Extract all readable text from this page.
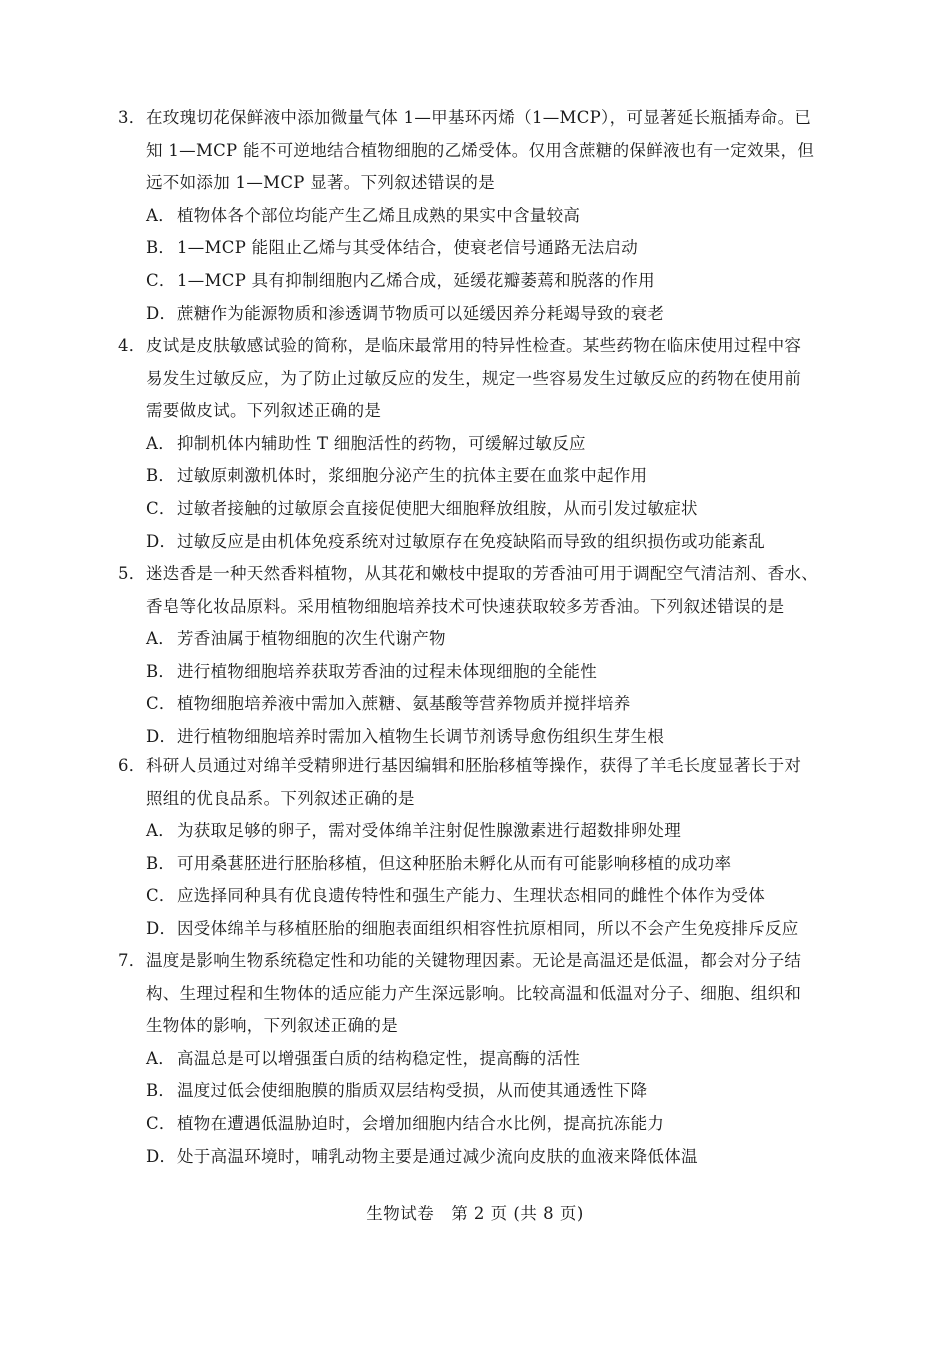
3． 在玫瑰切花保鲜液中添加微量气体 1—甲基环丙烯（1—MCP），可显著延长瓶插寿命。已
知 1—MCP 能不可逆地结合植物细胞的乙烯受体。仅用含蔗糖的保鲜液也有一定效果，但
远不如添加 1—MCP 显著。下列叙述错误的是
A． 植物体各个部位均能产生乙烯且成熟的果实中含量较高
B． 1—MCP 能阻止乙烯与其受体结合，使衰老信号通路无法启动
C． 1—MCP 具有抑制细胞内乙烯合成，延缓花瓣萎蔫和脱落的作用
D． 蔗糖作为能源物质和渗透调节物质可以延缓因养分耗竭导致的衰老
4． 皮试是皮肤敏感试验的简称，是临床最常用的特异性检查。某些药物在临床使用过程中容
易发生过敏反应，为了防止过敏反应的发生，规定一些容易发生过敏反应的药物在使用前
需要做皮试。下列叙述正确的是
A． 抑制机体内辅助性 T 细胞活性的药物，可缓解过敏反应
B． 过敏原刺激机体时，浆细胞分泌产生的抗体主要在血浆中起作用
C． 过敏者接触的过敏原会直接促使肥大细胞释放组胺，从而引发过敏症状
D． 过敏反应是由机体免疫系统对过敏原存在免疫缺陷而导致的组织损伤或功能紊乱
5． 迷迭香是一种天然香料植物，从其花和嫩枝中提取的芳香油可用于调配空气清洁剂、香水、
香皂等化妆品原料。采用植物细胞培养技术可快速获取较多芳香油。下列叙述错误的是
A． 芳香油属于植物细胞的次生代谢产物
B． 进行植物细胞培养获取芳香油的过程未体现细胞的全能性
C． 植物细胞培养液中需加入蔗糖、氨基酸等营养物质并搅拌培养
D． 进行植物细胞培养时需加入植物生长调节剂诱导愈伤组织生芽生根
6． 科研人员通过对绵羊受精卵进行基因编辑和胚胎移植等操作，获得了羊毛长度显著长于对
照组的优良品系。下列叙述正确的是
A． 为获取足够的卵子，需对受体绵羊注射促性腺激素进行超数排卵处理
B． 可用桑葚胚进行胚胎移植，但这种胚胎未孵化从而有可能影响移植的成功率
C． 应选择同种具有优良遗传特性和强生产能力、生理状态相同的雌性个体作为受体
D． 因受体绵羊与移植胚胎的细胞表面组织相容性抗原相同，所以不会产生免疫排斥反应
7． 温度是影响生物系统稳定性和功能的关键物理因素。无论是高温还是低温，都会对分子结
构、生理过程和生物体的适应能力产生深远影响。比较高温和低温对分子、细胞、组织和
生物体的影响，下列叙述正确的是
A． 高温总是可以增强蛋白质的结构稳定性，提高酶的活性
B． 温度过低会使细胞膜的脂质双层结构受损，从而使其通透性下降
C． 植物在遭遇低温胁迫时，会增加细胞内结合水比例，提高抗冻能力
D． 处于高温环境时，哺乳动物主要是通过减少流向皮肤的血液来降低体温
生物试卷　第 2 页 (共 8 页)
